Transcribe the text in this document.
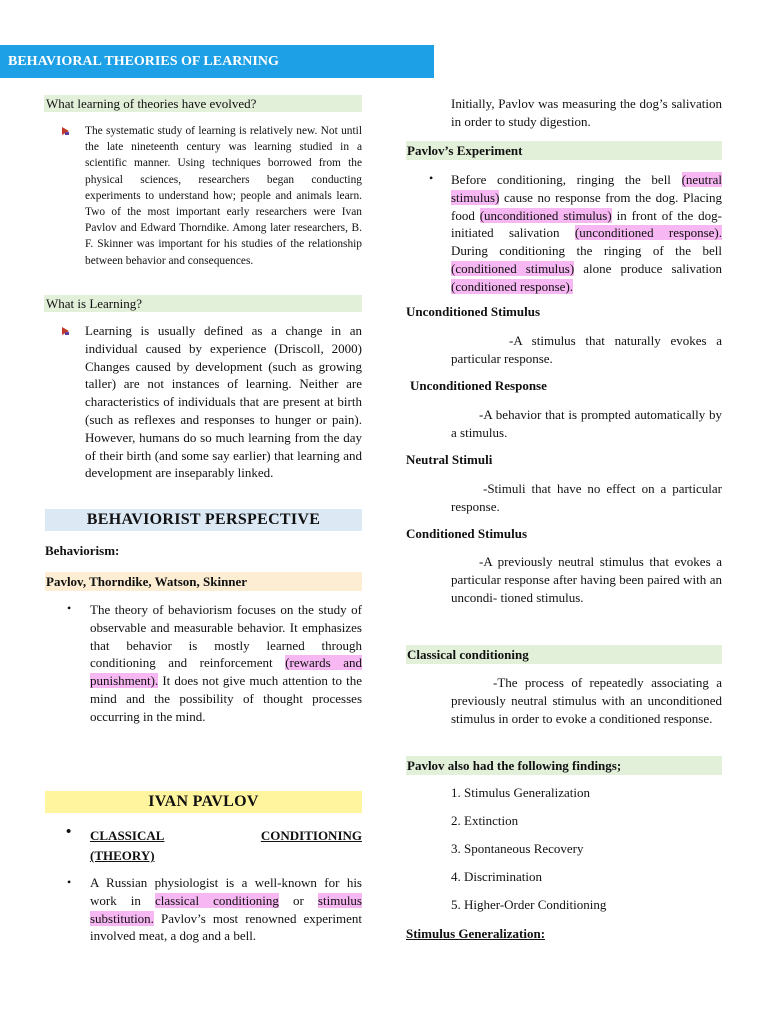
BEHAVIORAL THEORIES OF LEARNING
What learning of theories have evolved?
The systematic study of learning is relatively new. Not until the late nineteenth century was learning studied in a scientific manner. Using techniques borrowed from the physical sciences, researchers began conducting experiments to understand how; people and animals learn. Two of the most important early researchers were Ivan Pavlov and Edward Thorndike. Among later researchers, B. F. Skinner was important for his studies of the relationship between behavior and consequences.
What is Learning?
Learning is usually defined as a change in an individual caused by experience (Driscoll, 2000) Changes caused by development (such as growing taller) are not instances of learning. Neither are characteristics of individuals that are present at birth (such as reflexes and responses to hunger or pain). However, humans do so much learning from the day of their birth (and some say earlier) that learning and development are inseparably linked.
BEHAVIORIST PERSPECTIVE
Behaviorism:
Pavlov, Thorndike, Watson, Skinner
• The theory of behaviorism focuses on the study of observable and measurable behavior. It emphasizes that behavior is mostly learned through conditioning and reinforcement (rewards and punishment). It does not give much attention to the mind and the possibility of thought processes occurring in the mind.
IVAN PAVLOV
• CLASSICAL	CONDITIONING
(THEORY)
• A Russian physiologist is a well-known for his work in classical conditioning or stimulus substitution. Pavlov’s most renowned experiment involved meat, a dog and a bell.
Initially, Pavlov was measuring the dog’s salivation in order to study digestion.
Pavlov’s Experiment
• Before conditioning, ringing the bell (neutral stimulus) cause no response from the dog. Placing food (unconditioned stimulus) in front of the dog-initiated salivation (unconditioned response). During conditioning the ringing of the bell (conditioned stimulus) alone produce salivation (conditioned response).
Unconditioned Stimulus
-A stimulus that naturally evokes a particular response.
Unconditioned Response
-A behavior that is prompted automatically by a stimulus.
Neutral Stimuli
-Stimuli that have no effect on a particular response.
Conditioned Stimulus
-A previously neutral stimulus that evokes a particular response after having been paired with an uncondi- tioned stimulus.
Classical conditioning
-The process of repeatedly associating a previously neutral stimulus with an unconditioned stimulus in order to evoke a conditioned response.
Pavlov also had the following findings;
1. Stimulus Generalization
2. Extinction
3. Spontaneous Recovery
4. Discrimination
5. Higher-Order Conditioning
Stimulus Generalization:
